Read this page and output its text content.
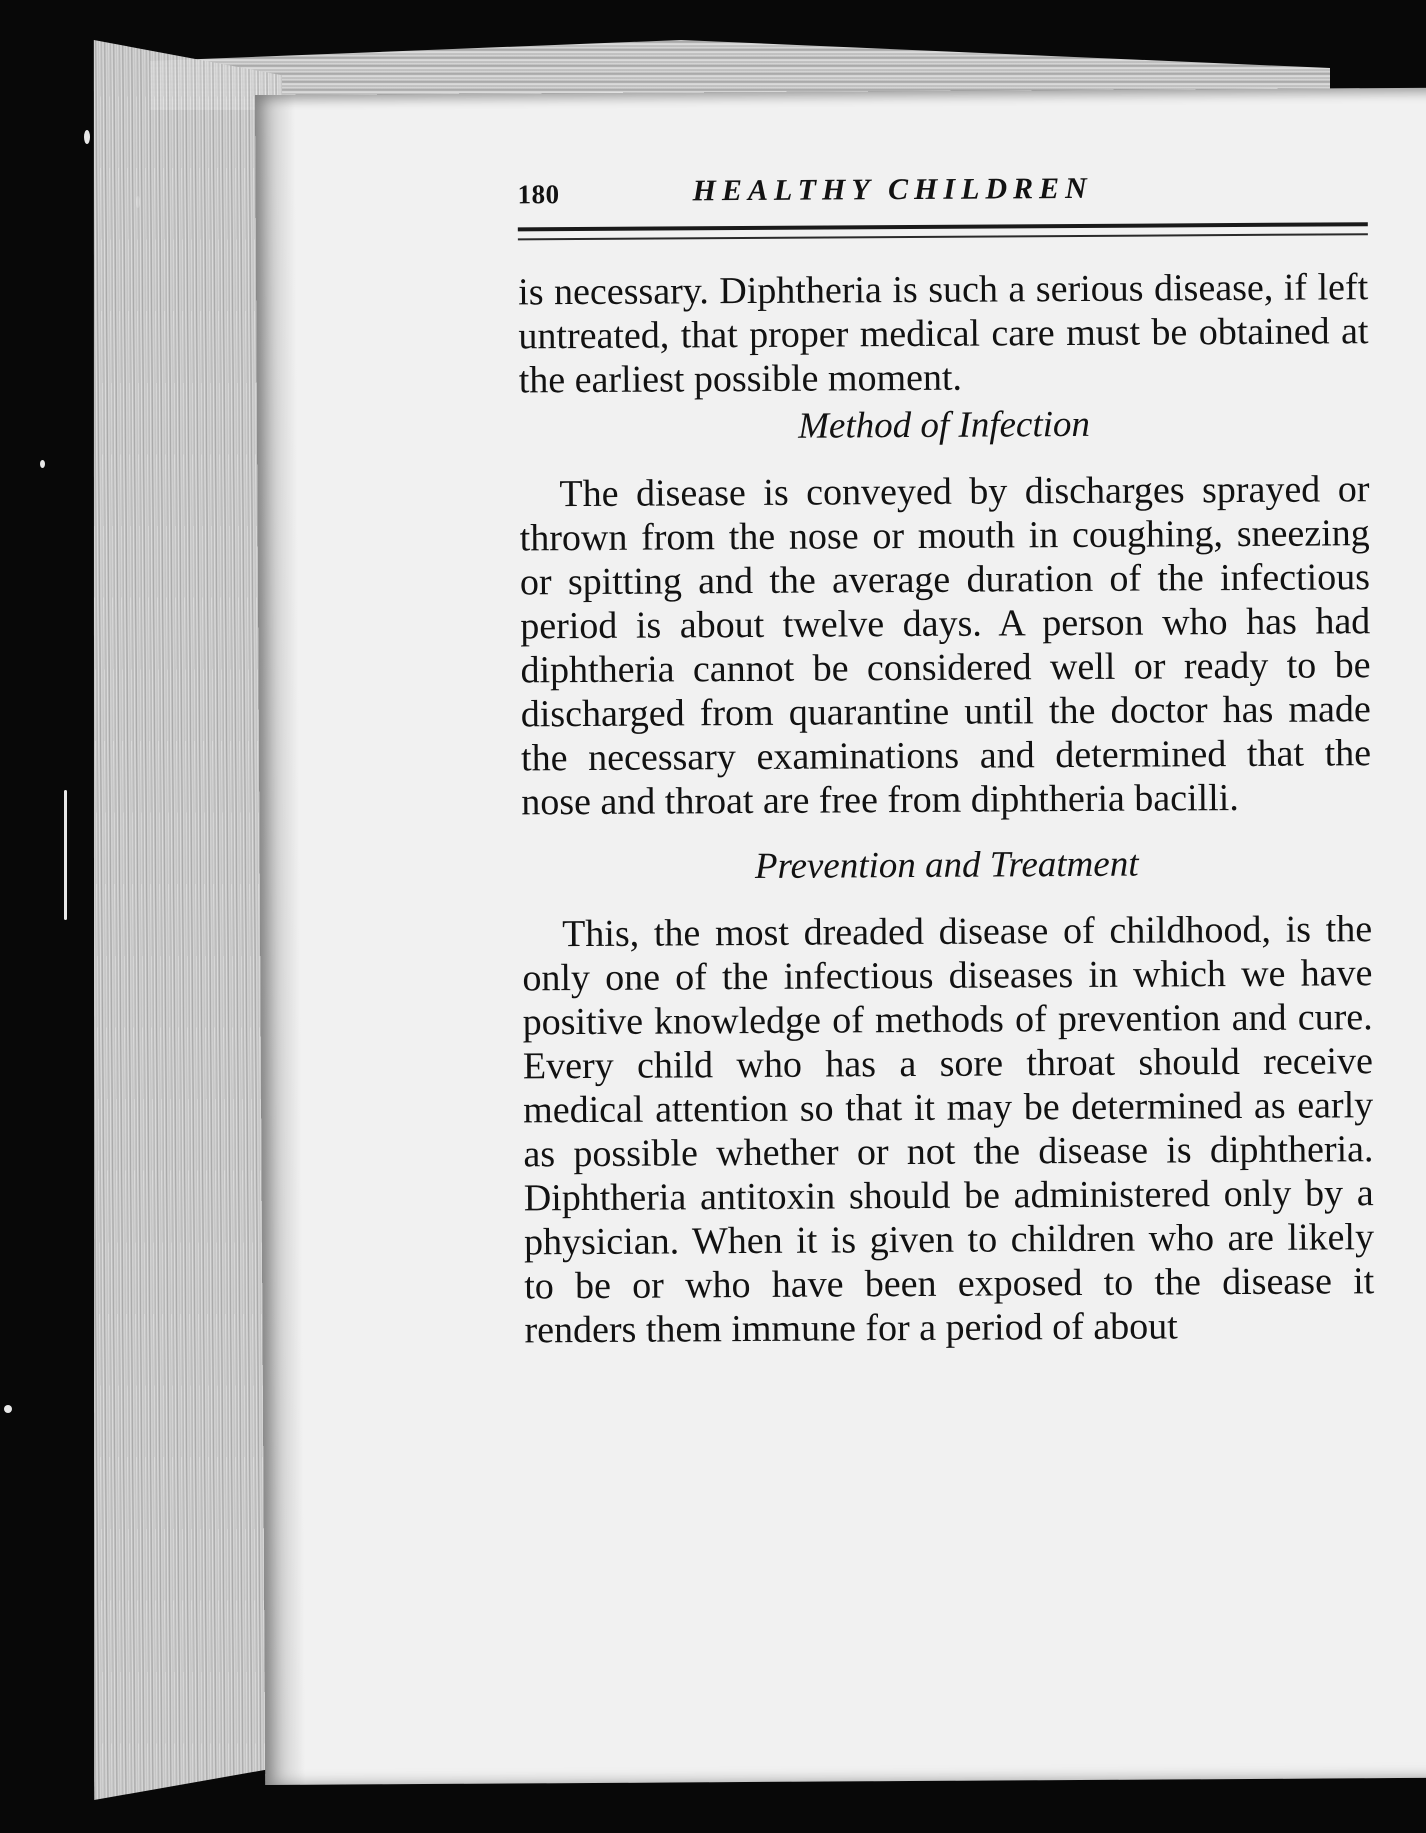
180	HEALTHY CHILDREN

is necessary. Diphtheria is such a serious disease, if left untreated, that proper medical care must be obtained at the earliest possible moment.

Method of Infection

The disease is conveyed by discharges sprayed or thrown from the nose or mouth in coughing, sneezing or spitting and the average duration of the infectious period is about twelve days. A person who has had diphtheria cannot be considered well or ready to be discharged from quarantine until the doctor has made the necessary examinations and determined that the nose and throat are free from diphtheria bacilli.

Prevention and Treatment

This, the most dreaded disease of childhood, is the only one of the infectious diseases in which we have positive knowledge of methods of prevention and cure. Every child who has a sore throat should receive medical attention so that it may be determined as early as possible whether or not the disease is diphtheria. Diphtheria antitoxin should be administered only by a physician. When it is given to children who are likely to be or who have been exposed to the disease it renders them immune for a period of about
